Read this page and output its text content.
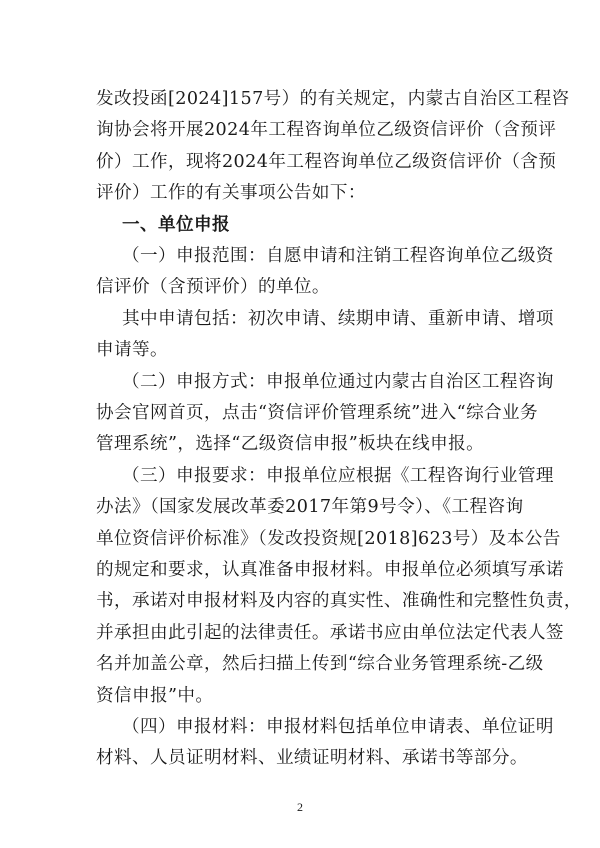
发改投函[2024]157号）的有关规定，内蒙古自治区工程咨
询协会将开展2024年工程咨询单位乙级资信评价（含预评
价）工作，现将2024年工程咨询单位乙级资信评价（含预
评价）工作的有关事项公告如下：
一、单位申报
（一）申报范围：自愿申请和注销工程咨询单位乙级资
信评价（含预评价）的单位。
其中申请包括：初次申请、续期申请、重新申请、增项
申请等。
（二）申报方式：申报单位通过内蒙古自治区工程咨询
协会官网首页，点击“资信评价管理系统”进入“综合业务
管理系统”，选择“乙级资信申报”板块在线申报。
（三）申报要求：申报单位应根据《工程咨询行业管理
办法》（国家发展改革委2017年第9号令）、《工程咨询
单位资信评价标准》（发改投资规[2018]623号）及本公告
的规定和要求，认真准备申报材料。申报单位必须填写承诺
书，承诺对申报材料及内容的真实性、准确性和完整性负责，
并承担由此引起的法律责任。承诺书应由单位法定代表人签
名并加盖公章，然后扫描上传到“综合业务管理系统-乙级
资信申报”中。
2
（四）申报材料：申报材料包括单位申请表、单位证明
材料、人员证明材料、业绩证明材料、承诺书等部分。
